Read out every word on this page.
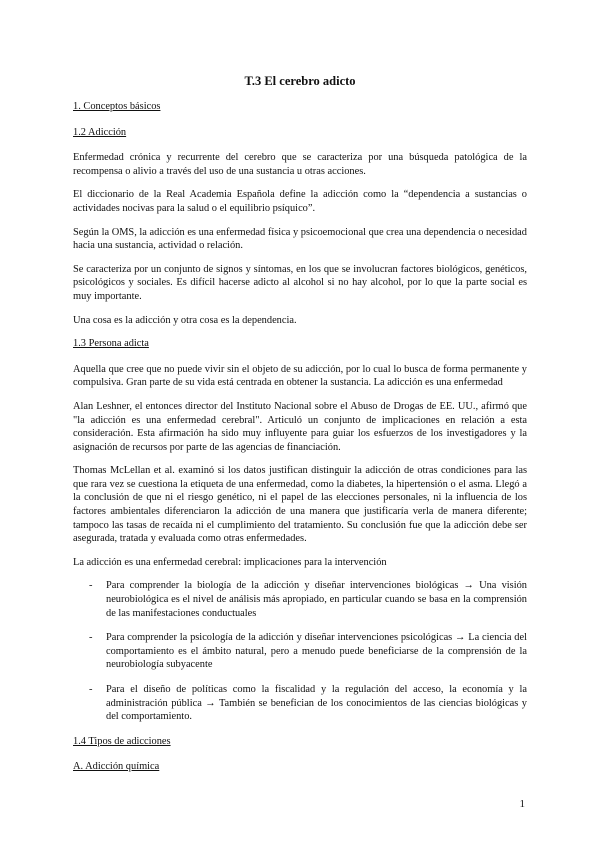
T.3 El cerebro adicto
1. Conceptos básicos
1.2 Adicción

Enfermedad crónica y recurrente del cerebro que se caracteriza por una búsqueda patológica de la recompensa o alivio a través del uso de una sustancia u otras acciones.

El diccionario de la Real Academia Española define la adicción como la “dependencia a sustancias o actividades nocivas para la salud o el equilibrio psíquico”.

Según la OMS, la adicción es una enfermedad física y psicoemocional que crea una dependencia o necesidad hacia una sustancia, actividad o relación.

Se caracteriza por un conjunto de signos y síntomas, en los que se involucran factores biológicos, genéticos, psicológicos y sociales. Es difícil hacerse adicto al alcohol si no hay alcohol, por lo que la parte social es muy importante.

Una cosa es la adicción y otra cosa es la dependencia.

1.3 Persona adicta

Aquella que cree que no puede vivir sin el objeto de su adicción, por lo cual lo busca de forma permanente y compulsiva. Gran parte de su vida está centrada en obtener la sustancia. La adicción es una enfermedad

Alan Leshner, el entonces director del Instituto Nacional sobre el Abuso de Drogas de EE. UU., afirmó que "la adicción es una enfermedad cerebral". Articuló un conjunto de implicaciones en relación a esta consideración. Esta afirmación ha sido muy influyente para guiar los esfuerzos de los investigadores y la asignación de recursos por parte de las agencias de financiación.

Thomas McLellan et al. examinó si los datos justifican distinguir la adicción de otras condiciones para las que rara vez se cuestiona la etiqueta de una enfermedad, como la diabetes, la hipertensión o el asma. Llegó a la conclusión de que ni el riesgo genético, ni el papel de las elecciones personales, ni la influencia de los factores ambientales diferenciaron la adicción de una manera que justificaría verla de manera diferente; tampoco las tasas de recaída ni el cumplimiento del tratamiento. Su conclusión fue que la adicción debe ser asegurada, tratada y evaluada como otras enfermedades.

La adicción es una enfermedad cerebral: implicaciones para la intervención

- Para comprender la biología de la adicción y diseñar intervenciones biológicas → Una visión neurobiológica es el nivel de análisis más apropiado, en particular cuando se basa en la comprensión de las manifestaciones conductuales
- Para comprender la psicología de la adicción y diseñar intervenciones psicológicas → La ciencia del comportamiento es el ámbito natural, pero a menudo puede beneficiarse de la comprensión de la neurobiología subyacente
- Para el diseño de políticas como la fiscalidad y la regulación del acceso, la economía y la administración pública → También se benefician de los conocimientos de las ciencias biológicas y del comportamiento.
1.4 Tipos de adicciones
A. Adicción química
1
